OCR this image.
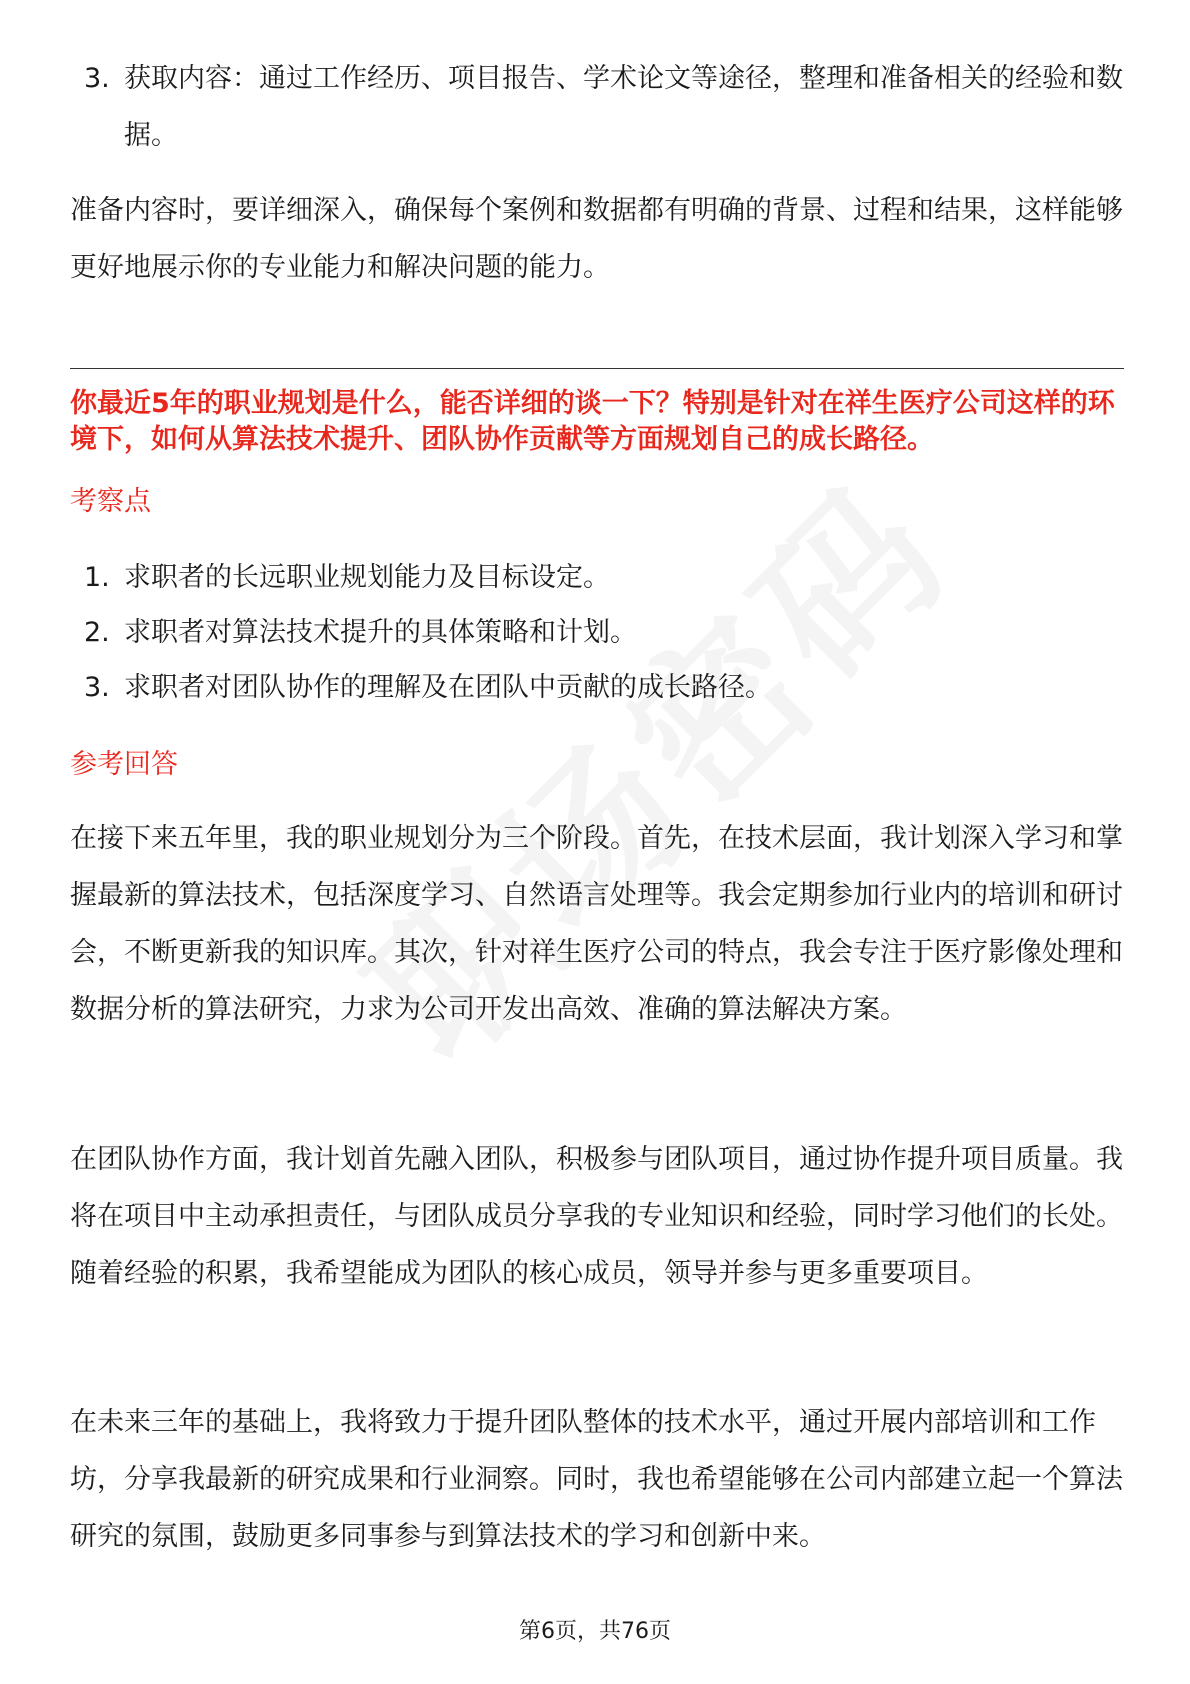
3. 获取内容：通过工作经历、项目报告、学术论文等途径，整理和准备相关的经验和数据。
准备内容时，要详细深入，确保每个案例和数据都有明确的背景、过程和结果，这样能够更好地展示你的专业能力和解决问题的能力。
你最近5年的职业规划是什么，能否详细的谈一下？特别是针对在祥生医疗公司这样的环境下，如何从算法技术提升、团队协作贡献等方面规划自己的成长路径。
考察点
1. 求职者的长远职业规划能力及目标设定。
2. 求职者对算法技术提升的具体策略和计划。
3. 求职者对团队协作的理解及在团队中贡献的成长路径。
参考回答
在接下来五年里，我的职业规划分为三个阶段。首先，在技术层面，我计划深入学习和掌握最新的算法技术，包括深度学习、自然语言处理等。我会定期参加行业内的培训和研讨会，不断更新我的知识库。其次，针对祥生医疗公司的特点，我会专注于医疗影像处理和数据分析的算法研究，力求为公司开发出高效、准确的算法解决方案。
在团队协作方面，我计划首先融入团队，积极参与团队项目，通过协作提升项目质量。我将在项目中主动承担责任，与团队成员分享我的专业知识和经验，同时学习他们的长处。随着经验的积累，我希望能成为团队的核心成员，领导并参与更多重要项目。
在未来三年的基础上，我将致力于提升团队整体的技术水平，通过开展内部培训和工作坊，分享我最新的研究成果和行业洞察。同时，我也希望能够在公司内部建立起一个算法研究的氛围，鼓励更多同事参与到算法技术的学习和创新中来。
第6页，共76页
